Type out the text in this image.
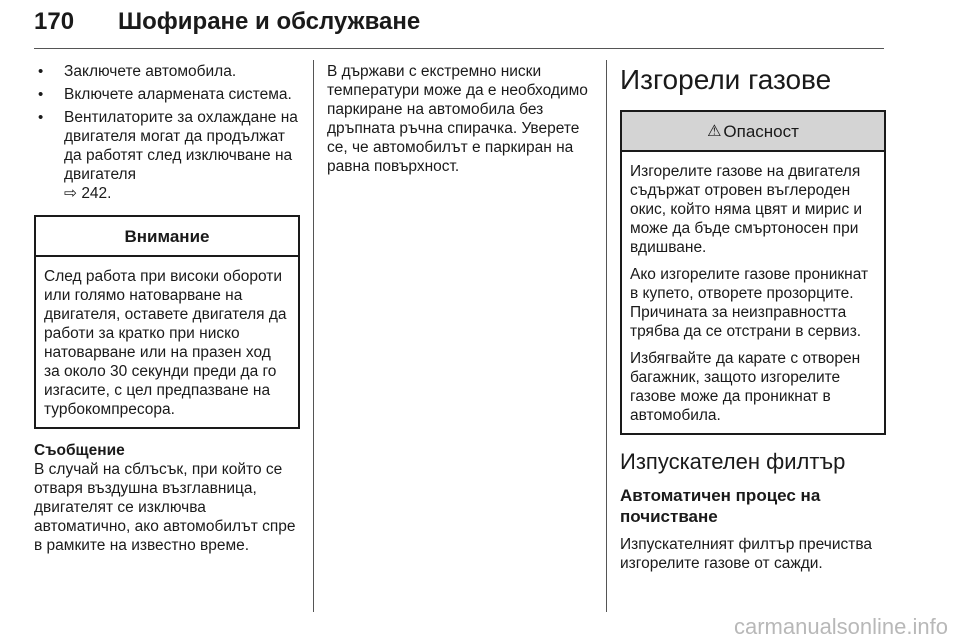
170 Шофиране и обслужване
• Заключете автомобила.
• Включете алармената система.
• Вентилаторите за охлаждане на двигателя могат да продължат да работят след изключване на двигателя
⇨ 242.
Внимание

След работа при високи обороти или голямо натоварване на двигателя, оставете двигателя да работи за кратко при ниско натоварване или на празен ход за около 30 секунди преди да го изгасите, с цел предпазване на турбокомпресора.

Съобщение

В случай на сблъсък, при който се отваря въздушна възглавница, двигателят се изключва автоматично, ако автомобилът спре в рамките на известно време.

В държави с екстремно ниски температури може да е необходимо паркиране на автомобила без дръпната ръчна спирачка. Уверете се, че автомобилът е паркиран на равна повърхност.

Изгорели газове
⚠ Опасност

Изгорелите газове на двигателя съдържат отровен въглероден окис, който няма цвят и мирис и може да бъде смъртоносен при вдишване.

Ако изгорелите газове проникнат в купето, отворете прозорците. Причината за неизправността трябва да се отстрани в сервиз.

Избягвайте да карате с отворен багажник, защото изгорелите газове може да проникнат в автомобила.

Изпускателен филтър
Автоматичен процес на почистване

Изпускателният филтър пречиства изгорелите газове от сажди.

carmanualsonline.info
